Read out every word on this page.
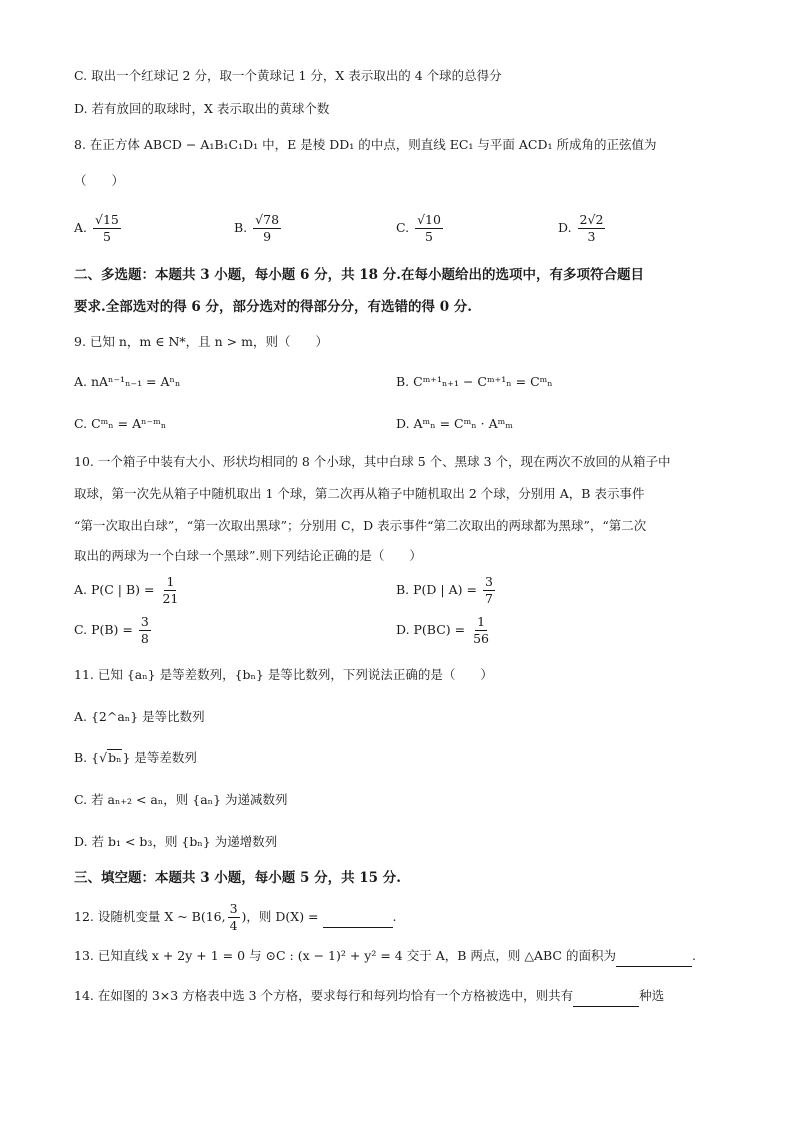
C. 取出一个红球记 2 分，取一个黄球记 1 分，X 表示取出的 4 个球的总得分
D. 若有放回的取球时，X 表示取出的黄球个数
8. 在正方体 ABCD − A₁B₁C₁D₁ 中，E 是棱 DD₁ 的中点，则直线 EC₁ 与平面 ACD₁ 所成角的正弦值为
（　　）
A. $\frac{√15}{5}$	B. $\frac{√78}{9}$	C. $\frac{√10}{5}$	D. $\frac{2√2}{3}$
二、多选题：本题共 3 小题，每小题 6 分，共 18 分.在每小题给出的选项中，有多项符合题目
要求.全部选对的得 6 分，部分选对的得部分分，有选错的得 0 分.
9. 已知 n，m ∈ N*，且 n > m，则（　　）
A. nAⁿ⁻¹ₙ₋₁ = Aⁿₙ	B. Cᵐ⁺¹ₙ₊₁ − Cᵐ⁺¹ₙ = Cᵐₙ
C. Cᵐₙ = Aⁿ⁻ᵐₙ	D. Aᵐₙ = Cᵐₙ · Aᵐₘ
10. 一个箱子中装有大小、形状均相同的 8 个小球，其中白球 5 个、黑球 3 个，现在两次不放回的从箱子中
取球，第一次先从箱子中随机取出 1 个球，第二次再从箱子中随机取出 2 个球，分别用 A，B 表示事件
“第一次取出白球”，“第一次取出黑球”；分别用 C，D 表示事件“第二次取出的两球都为黑球”，“第二次
取出的两球为一个白球一个黑球”.则下列结论正确的是（　　）
A. P(C | $B) = \frac{1}{21}$	B. P(D | $A) = \frac{3}{7}$
C. $P(B) = \frac{3}{8}$	D. $P(BC) = \frac{1}{56}$
11. 已知 {aₙ} 是等差数列，{bₙ} 是等比数列，下列说法正确的是（　　）
A. {2^aₙ} 是等比数列
B. {√bₙ} 是等差数列
C. 若 aₙ₊₂ < aₙ，则 {aₙ} 为递减数列
D. 若 b₁ < b₃，则 {bₙ} 为递增数列
三、填空题：本题共 3 小题，每小题 5 分，共 15 分.
12. 设随机变量 X ~ B(16, $\frac{3}{4}$ )，则 D(X) =	.
13. 已知直线 x + 2y + 1 = 0 与 ⊙C : (x − 1)² + y² = 4 交于 A，B 两点，则 △ABC 的面积为	.
14. 在如图的 3×3 方格表中选 3 个方格，要求每行和每列均恰有一个方格被选中，则共有	种选
